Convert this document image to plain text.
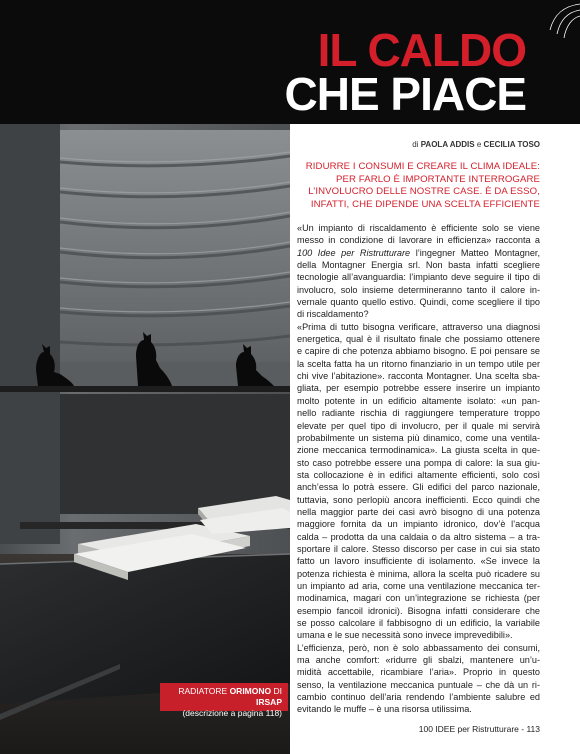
IL CALDO
CHE PIACE
RADIATORE ORIMONO DI IRSAP
(descrizione a pagina 118)
di PAOLA ADDIS e CECILIA TOSO
RIDURRE I CONSUMI E CREARE IL CLIMA IDEALE:
PER FARLO È IMPORTANTE INTERROGARE
L’INVOLUCRO DELLE NOSTRE CASE. È DA ESSO,
INFATTI, CHE DIPENDE UNA SCELTA EFFICIENTE
«Un impianto di riscaldamento è efficiente solo se viene
messo in condizione di lavorare in efficienza» racconta a
100 Idee per Ristrutturare l’ingegner Matteo Montagner,
della Montagner Energia srl. Non basta infatti scegliere
tecnologie all’avanguardia: l’impianto deve seguire il tipo di
involucro, solo insieme determineranno tanto il calore in-
vernale quanto quello estivo. Quindi, come scegliere il tipo
di riscaldamento?
«Prima di tutto bisogna verificare, attraverso una diagnosi
energetica, qual è il risultato finale che possiamo ottenere
e capire di che potenza abbiamo bisogno. E poi pensare se
la scelta fatta ha un ritorno finanziario in un tempo utile per
chi vive l’abitazione». racconta Montagner. Una scelta sba-
gliata, per esempio potrebbe essere inserire un impianto
molto potente in un edificio altamente isolato: «un pan-
nello radiante rischia di raggiungere temperature troppo
elevate per quel tipo di involucro, per il quale mi servirà
probabilmente un sistema più dinamico, come una ventila-
zione meccanica termodinamica». La giusta scelta in que-
sto caso potrebbe essere una pompa di calore: la sua giu-
sta collocazione è in edifici altamente efficienti, solo così
anch’essa lo potrà essere. Gli edifici del parco nazionale,
tuttavia, sono perlopiù ancora inefficienti. Ecco quindi che
nella maggior parte dei casi avrò bisogno di una potenza
maggiore fornita da un impianto idronico, dov’è l’acqua
calda – prodotta da una caldaia o da altro sistema – a tra-
sportare il calore. Stesso discorso per case in cui sia stato
fatto un lavoro insufficiente di isolamento. «Se invece la
potenza richiesta è minima, allora la scelta può ricadere su
un impianto ad aria, come una ventilazione meccanica ter-
modinamica, magari con un’integrazione se richiesta (per
esempio fancoil idronici). Bisogna infatti considerare che
se posso calcolare il fabbisogno di un edificio, la variabile
umana e le sue necessità sono invece imprevedibili».
L’efficienza, però, non è solo abbassamento dei consumi,
ma anche comfort: «ridurre gli sbalzi, mantenere un’u-
midità accettabile, ricambiare l’aria». Proprio in questo
senso, la ventilazione meccanica puntuale – che dà un ri-
cambio continuo dell’aria rendendo l’ambiente salubre ed
evitando le muffe – è una risorsa utilissima.
100 IDEE per Ristrutturare - 113
